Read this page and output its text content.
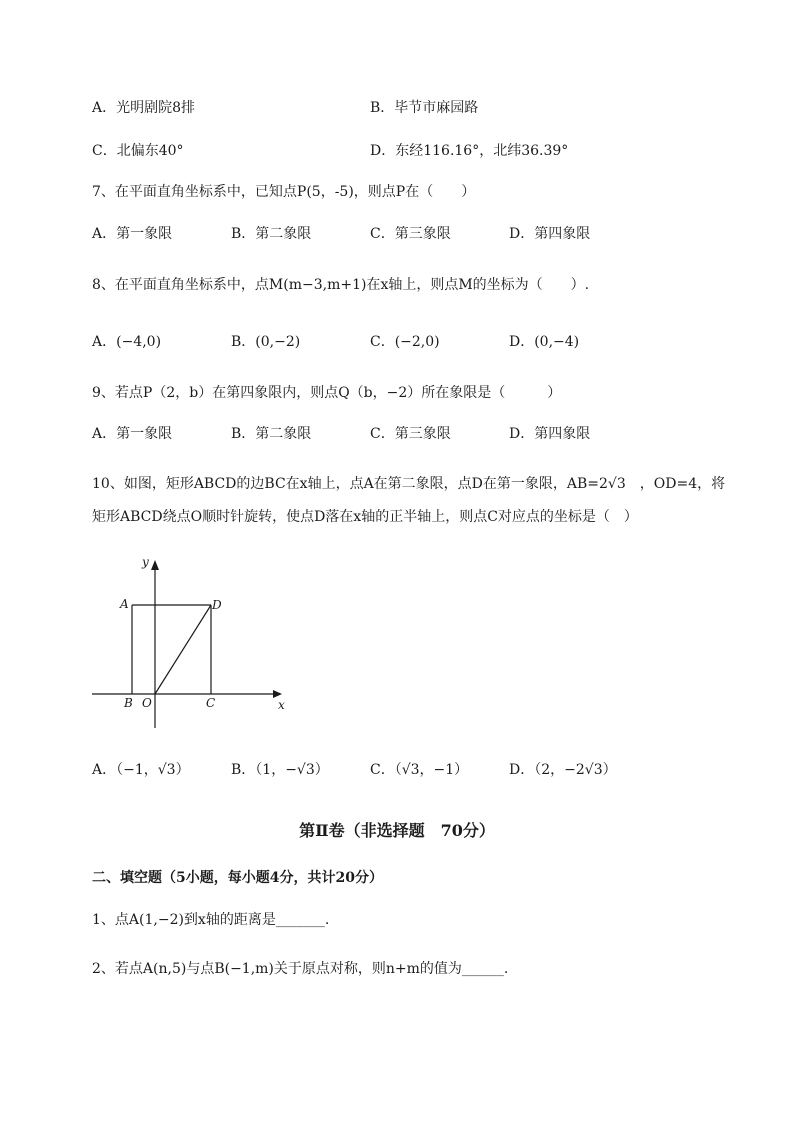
A．光明剧院8排	B．毕节市麻园路
C．北偏东40°	D．东经116.16°，北纬36.39°
7、在平面直角坐标系中，已知点P(5，-5)，则点P在（　　）
A．第一象限	B．第二象限	C．第三象限	D．第四象限
8、在平面直角坐标系中，点M(m−3,m+1)在x轴上，则点M的坐标为（　　）.
A．(−4,0)	B．(0,−2)	C．(−2,0)	D．(0,−4)
9、若点P（2，b）在第四象限内，则点Q（b，−2）所在象限是（　　　）
A．第一象限	B．第二象限	C．第三象限	D．第四象限
10、如图，矩形ABCD的边BC在x轴上，点A在第二象限，点D在第一象限，AB=2√3　，OD=4，将
矩形ABCD绕点O顺时针旋转，使点D落在x轴的正半轴上，则点C对应点的坐标是（　）
y
A	D
B O	C	x
A．（−1，√3）	B．（1，−√3）	C．（√3，−1）	D．（2，−2√3）
第Ⅱ卷（非选择题　70分）
二、填空题（5小题，每小题4分，共计20分）
1、点A(1,−2)到x轴的距离是_______.
2、若点A(n,5)与点B(−1,m)关于原点对称，则n+m的值为______.
